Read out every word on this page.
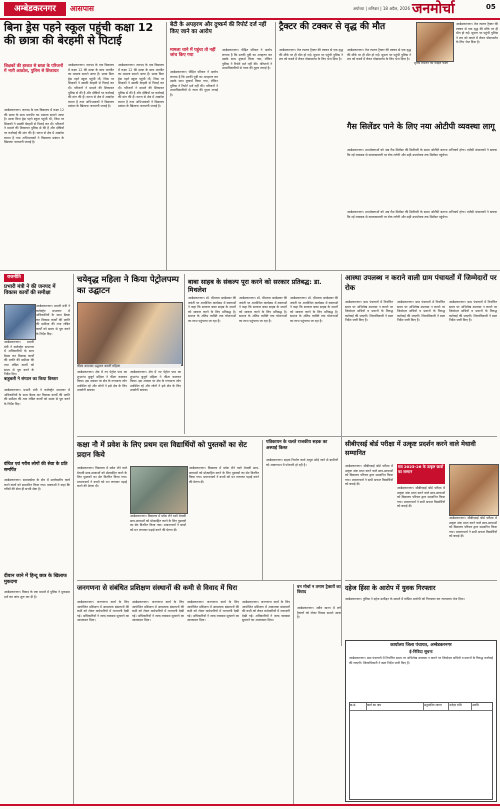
अम्बेडकरनगर	आसपास	अयोध्या | शनिवार | 18 अप्रैल, 2026 जनमोर्चा	05
बिना ड्रेस पहने स्कूल पहुंची कक्षा 12 की छात्रा की बेरहमी से पिटाई
शिक्षकों की हरकत से छात्रा के परिजनों में भारी आक्रोश, पुलिस से शिकायत
अम्बेडकरनगर। जनपद के एक विद्यालय में कक्षा 12 की छात्रा के साथ मारपीट का मामला सामने आया है। छात्रा बिना ड्रेस पहने स्कूल पहुंची थी, जिस पर शिक्षकों ने उसकी बेरहमी से पिटाई कर दी। परिजनों ने मामले की शिकायत पुलिस से की है और दोषियों पर कार्रवाई की मांग की है। घटना से क्षेत्र में आक्रोश व्याप्त है तथा अभिभावकों ने विद्यालय प्रबंधन के खिलाफ नाराजगी जताई है।
अम्बेडकरनगर। जनपद के एक विद्यालय में कक्षा 12 की छात्रा के साथ मारपीट का मामला सामने आया है। छात्रा बिना ड्रेस पहने स्कूल पहुंची थी, जिस पर शिक्षकों ने उसकी बेरहमी से पिटाई कर दी। परिजनों ने मामले की शिकायत पुलिस से की है और दोषियों पर कार्रवाई की मांग की है। घटना से क्षेत्र में आक्रोश व्याप्त है तथा अभिभावकों ने विद्यालय प्रबंधन के खिलाफ नाराजगी जताई है।
अम्बेडकरनगर। जनपद के एक विद्यालय में कक्षा 12 की छात्रा के साथ मारपीट का मामला सामने आया है। छात्रा बिना ड्रेस पहने स्कूल पहुंची थी, जिस पर शिक्षकों ने उसकी बेरहमी से पिटाई कर दी। परिजनों ने मामले की शिकायत पुलिस से की है और दोषियों पर कार्रवाई की मांग की है। घटना से क्षेत्र में आक्रोश व्याप्त है तथा अभिभावकों ने विद्यालय प्रबंधन के खिलाफ नाराजगी जताई है।
बेटी के अपहरण और दुष्कर्म की रिपोर्ट दर्ज नहीं किए जाने का आरोप
मामला थाने में पहुंचा तो नहीं जांच किए गया
अम्बेडकरनगर। पीड़ित परिवार ने आरोप लगाया है कि उनकी पुत्री का अपहरण कर उसके साथ दुष्कर्म किया गया, लेकिन पुलिस ने रिपोर्ट दर्ज नहीं की। परिजनों ने उच्चाधिकारियों से न्याय की गुहार लगाई है।
अम्बेडकरनगर। पीड़ित परिवार ने आरोप लगाया है कि उनकी पुत्री का अपहरण कर उसके साथ दुष्कर्म किया गया, लेकिन पुलिस ने रिपोर्ट दर्ज नहीं की। परिजनों ने उच्चाधिकारियों से न्याय की गुहार लगाई है।
ट्रैक्टर की टक्कर से वृद्ध की मौत
अम्बेडकरनगर। तेज रफ्तार ट्रैक्टर की टक्कर से एक वृद्ध की मौके पर ही मौत हो गई। सूचना पर पहुंची पुलिस ने शव को कब्जे में लेकर पोस्टमार्टम के लिए भेज दिया है।
अम्बेडकरनगर। तेज रफ्तार ट्रैक्टर की टक्कर से एक वृद्ध की मौके पर ही मौत हो गई। सूचना पर पहुंची पुलिस ने शव को कब्जे में लेकर पोस्टमार्टम के लिए भेज दिया है।
मृतक रामधन का फाइल फोटो
अम्बेडकरनगर। तेज रफ्तार ट्रैक्टर की टक्कर से एक वृद्ध की मौके पर ही मौत हो गई। सूचना पर पहुंची पुलिस ने शव को कब्जे में लेकर पोस्टमार्टम के लिए भेज दिया है।
गैस सिलेंडर पाने के लिए नया ओटीपी व्यवस्था लागू
अम्बेडकरनगर। उपभोक्ताओं को अब गैस सिलेंडर की डिलीवरी के समय ओटीपी बताना अनिवार्य होगा। एजेंसी संचालकों ने बताया कि नई व्यवस्था से कालाबाजारी पर रोक लगेगी और सही उपभोक्ता तक सिलेंडर पहुंचेगा।
अम्बेडकरनगर। उपभोक्ताओं को अब गैस सिलेंडर की डिलीवरी के समय ओटीपी बताना अनिवार्य होगा। एजेंसी संचालकों ने बताया कि नई व्यवस्था से कालाबाजारी पर रोक लगेगी और सही उपभोक्ता तक सिलेंडर पहुंचेगा।
राजनीति
प्रभारी मंत्री ने की जनपद में विकास कार्यों की समीक्षा
अम्बेडकरनगर। प्रभारी मंत्री ने कलेक्ट्रेट सभागार में अधिकारियों के साथ बैठक कर विकास कार्यों की प्रगति की समीक्षा की तथा लंबित कार्यों को समय से पूरा करने के निर्देश दिए।
अम्बेडकरनगर। प्रभारी मंत्री ने कलेक्ट्रेट सभागार में अधिकारियों के साथ बैठक कर विकास कार्यों की प्रगति की समीक्षा की तथा लंबित कार्यों को समय से पूरा करने के निर्देश दिए।
बाहुबली ने संगठन का किया विस्तार
अम्बेडकरनगर। प्रभारी मंत्री ने कलेक्ट्रेट सभागार में अधिकारियों के साथ बैठक कर विकास कार्यों की प्रगति की समीक्षा की तथा लंबित कार्यों को समय से पूरा करने के निर्देश दिए।
वंचित एवं गरीब लोगों की सेवा के प्रति समर्पित
अम्बेडकरनगर। समाजसेवा के क्षेत्र में उल्लेखनीय कार्य करने वालों को सम्मानित किया गया। वक्ताओं ने कहा कि गरीबों की सेवा ही सच्ची सेवा है।
दीवान जाने में हिन्दू छात्र के खिलाफ मुकदमा
अम्बेडकरनगर। विवाद के एक मामले में पुलिस ने मुकदमा दर्ज कर जांच शुरू कर दी है।
चयेवृद्ध महिला ने किया पेट्रोलपम्प का उद्घाटन
फीता काटकर उद्घाटन करतीं महिला
अम्बेडकरनगर। क्षेत्र में नए पेट्रोल पम्प का शुभारंभ बुजुर्ग महिला ने फीता काटकर किया। इस अवसर पर क्षेत्र के गणमान्य लोग उपस्थित रहे और लोगों ने इसे क्षेत्र के लिए उपयोगी बताया।
अम्बेडकरनगर। क्षेत्र में नए पेट्रोल पम्प का शुभारंभ बुजुर्ग महिला ने फीता काटकर किया। इस अवसर पर क्षेत्र के गणमान्य लोग उपस्थित रहे और लोगों ने इसे क्षेत्र के लिए उपयोगी बताया।
बाबा साहब के संकल्प पूरा करने को सरकार प्रतिबद्ध: डा. मिथलेश
अम्बेडकरनगर। डॉ. भीमराव अम्बेडकर की जयंती पर आयोजित कार्यक्रम में वक्ताओं ने कहा कि सरकार बाबा साहब के सपनों को साकार करने के लिए प्रतिबद्ध है। समाज के अंतिम व्यक्ति तक योजनाओं का लाभ पहुंचाया जा रहा है।
अम्बेडकरनगर। डॉ. भीमराव अम्बेडकर की जयंती पर आयोजित कार्यक्रम में वक्ताओं ने कहा कि सरकार बाबा साहब के सपनों को साकार करने के लिए प्रतिबद्ध है। समाज के अंतिम व्यक्ति तक योजनाओं का लाभ पहुंचाया जा रहा है।
अम्बेडकरनगर। डॉ. भीमराव अम्बेडकर की जयंती पर आयोजित कार्यक्रम में वक्ताओं ने कहा कि सरकार बाबा साहब के सपनों को साकार करने के लिए प्रतिबद्ध है। समाज के अंतिम व्यक्ति तक योजनाओं का लाभ पहुंचाया जा रहा है।
आस्था उपलब्ध न कराने वाली ग्राम पंचायतों में जिम्मेदारों पर रोक
अम्बेडकरनगर। ग्राम पंचायतों में निर्धारित समय पर अभिलेख उपलब्ध न कराने पर जिम्मेदार सचिवों व प्रधानों के विरुद्ध कार्रवाई की जाएगी। जिलाधिकारी ने स्पष्ट निर्देश जारी किए हैं।
अम्बेडकरनगर। ग्राम पंचायतों में निर्धारित समय पर अभिलेख उपलब्ध न कराने पर जिम्मेदार सचिवों व प्रधानों के विरुद्ध कार्रवाई की जाएगी। जिलाधिकारी ने स्पष्ट निर्देश जारी किए हैं।
अम्बेडकरनगर। ग्राम पंचायतों में निर्धारित समय पर अभिलेख उपलब्ध न कराने पर जिम्मेदार सचिवों व प्रधानों के विरुद्ध कार्रवाई की जाएगी। जिलाधिकारी ने स्पष्ट निर्देश जारी किए हैं।
कक्षा नौ में प्रवेश के लिए प्रथम दस विद्यार्थियों को पुस्तकों का सेट प्रदान किये
अम्बेडकरनगर। विद्यालय में प्रवेश लेने वाले मेधावी छात्र-छात्राओं को प्रोत्साहित करने के लिए पुस्तकों का सेट वितरित किया गया। प्रधानाचार्य ने बच्चों को मन लगाकर पढ़ाई करने की प्रेरणा दी।
अम्बेडकरनगर। विद्यालय में प्रवेश लेने वाले मेधावी छात्र-छात्राओं को प्रोत्साहित करने के लिए पुस्तकों का सेट वितरित किया गया। प्रधानाचार्य ने बच्चों को मन लगाकर पढ़ाई करने की प्रेरणा दी।
अम्बेडकरनगर। विद्यालय में प्रवेश लेने वाले मेधावी छात्र-छात्राओं को प्रोत्साहित करने के लिए पुस्तकों का सेट वितरित किया गया। प्रधानाचार्य ने बच्चों को मन लगाकर पढ़ाई करने की प्रेरणा दी।
पत्रिकायन के चलते राजकीय सड़क का अस्थाई किस्त
अम्बेडकरनगर। सड़क निर्माण कार्य अधूरा छोड़े जाने से ग्रामीणों को आवागमन में परेशानी हो रही है।
सीबीएसई बोर्ड परीक्षा में उत्कृष्ट प्रदर्शन करने वाले मेधावी सम्मानित
अम्बेडकरनगर। सीबीएसई बोर्ड परीक्षा में उत्कृष्ट अंक प्राप्त करने वाले छात्र-छात्राओं को विद्यालय परिवार द्वारा सम्मानित किया गया। प्रधानाचार्य ने सभी सफल विद्यार्थियों को बधाई दी।
सत्र 2025-26 के उत्कृष्ट छात्रों का सम्मान
अम्बेडकरनगर। सीबीएसई बोर्ड परीक्षा में उत्कृष्ट अंक प्राप्त करने वाले छात्र-छात्राओं को विद्यालय परिवार द्वारा सम्मानित किया गया। प्रधानाचार्य ने सभी सफल विद्यार्थियों को बधाई दी।
अम्बेडकरनगर। सीबीएसई बोर्ड परीक्षा में उत्कृष्ट अंक प्राप्त करने वाले छात्र-छात्राओं को विद्यालय परिवार द्वारा सम्मानित किया गया। प्रधानाचार्य ने सभी सफल विद्यार्थियों को बधाई दी।
जनगणना से संबंधित प्रशिक्षण संस्थानों की कमी से विवाद में घिरा
अम्बेडकरनगर। जनगणना कार्य के लिए आयोजित प्रशिक्षण में आवश्यक संसाधनों की कमी को लेकर कर्मचारियों में नाराजगी देखी गई। अधिकारियों ने जल्द व्यवस्था सुधारने का आश्वासन दिया।
अम्बेडकरनगर। जनगणना कार्य के लिए आयोजित प्रशिक्षण में आवश्यक संसाधनों की कमी को लेकर कर्मचारियों में नाराजगी देखी गई। अधिकारियों ने जल्द व्यवस्था सुधारने का आश्वासन दिया।
अम्बेडकरनगर। जनगणना कार्य के लिए आयोजित प्रशिक्षण में आवश्यक संसाधनों की कमी को लेकर कर्मचारियों में नाराजगी देखी गई। अधिकारियों ने जल्द व्यवस्था सुधारने का आश्वासन दिया।
अम्बेडकरनगर। जनगणना कार्य के लिए आयोजित प्रशिक्षण में आवश्यक संसाधनों की कमी को लेकर कर्मचारियों में नाराजगी देखी गई। अधिकारियों ने जल्द व्यवस्था सुधारने का आश्वासन दिया।
वन मोर्चा न तमाम ट्रैक्टरों का विवाद
अम्बेडकरनगर। अवैध खनन में लगे ट्रैक्टरों को लेकर विवाद सामने आया है।
दहेज हिंसा के आरोप में युवक गिरफ्तार
अम्बेडकरनगर। पुलिस ने दहेज उत्पीड़न के मामले में वांछित आरोपी को गिरफ्तार कर न्यायालय भेज दिया।
कार्यालय जिला पंचायत, अम्बेडकरनगर
ई-निविदा सूचना
अम्बेडकरनगर। ग्राम पंचायतों में निर्धारित समय पर अभिलेख उपलब्ध न कराने पर जिम्मेदार सचिवों व प्रधानों के विरुद्ध कार्रवाई की जाएगी। जिलाधिकारी ने स्पष्ट निर्देश जारी किए हैं।
क्र.सं.	कार्य का नाम	अनुमानित लागत	धरोहर राशि	अवधि
